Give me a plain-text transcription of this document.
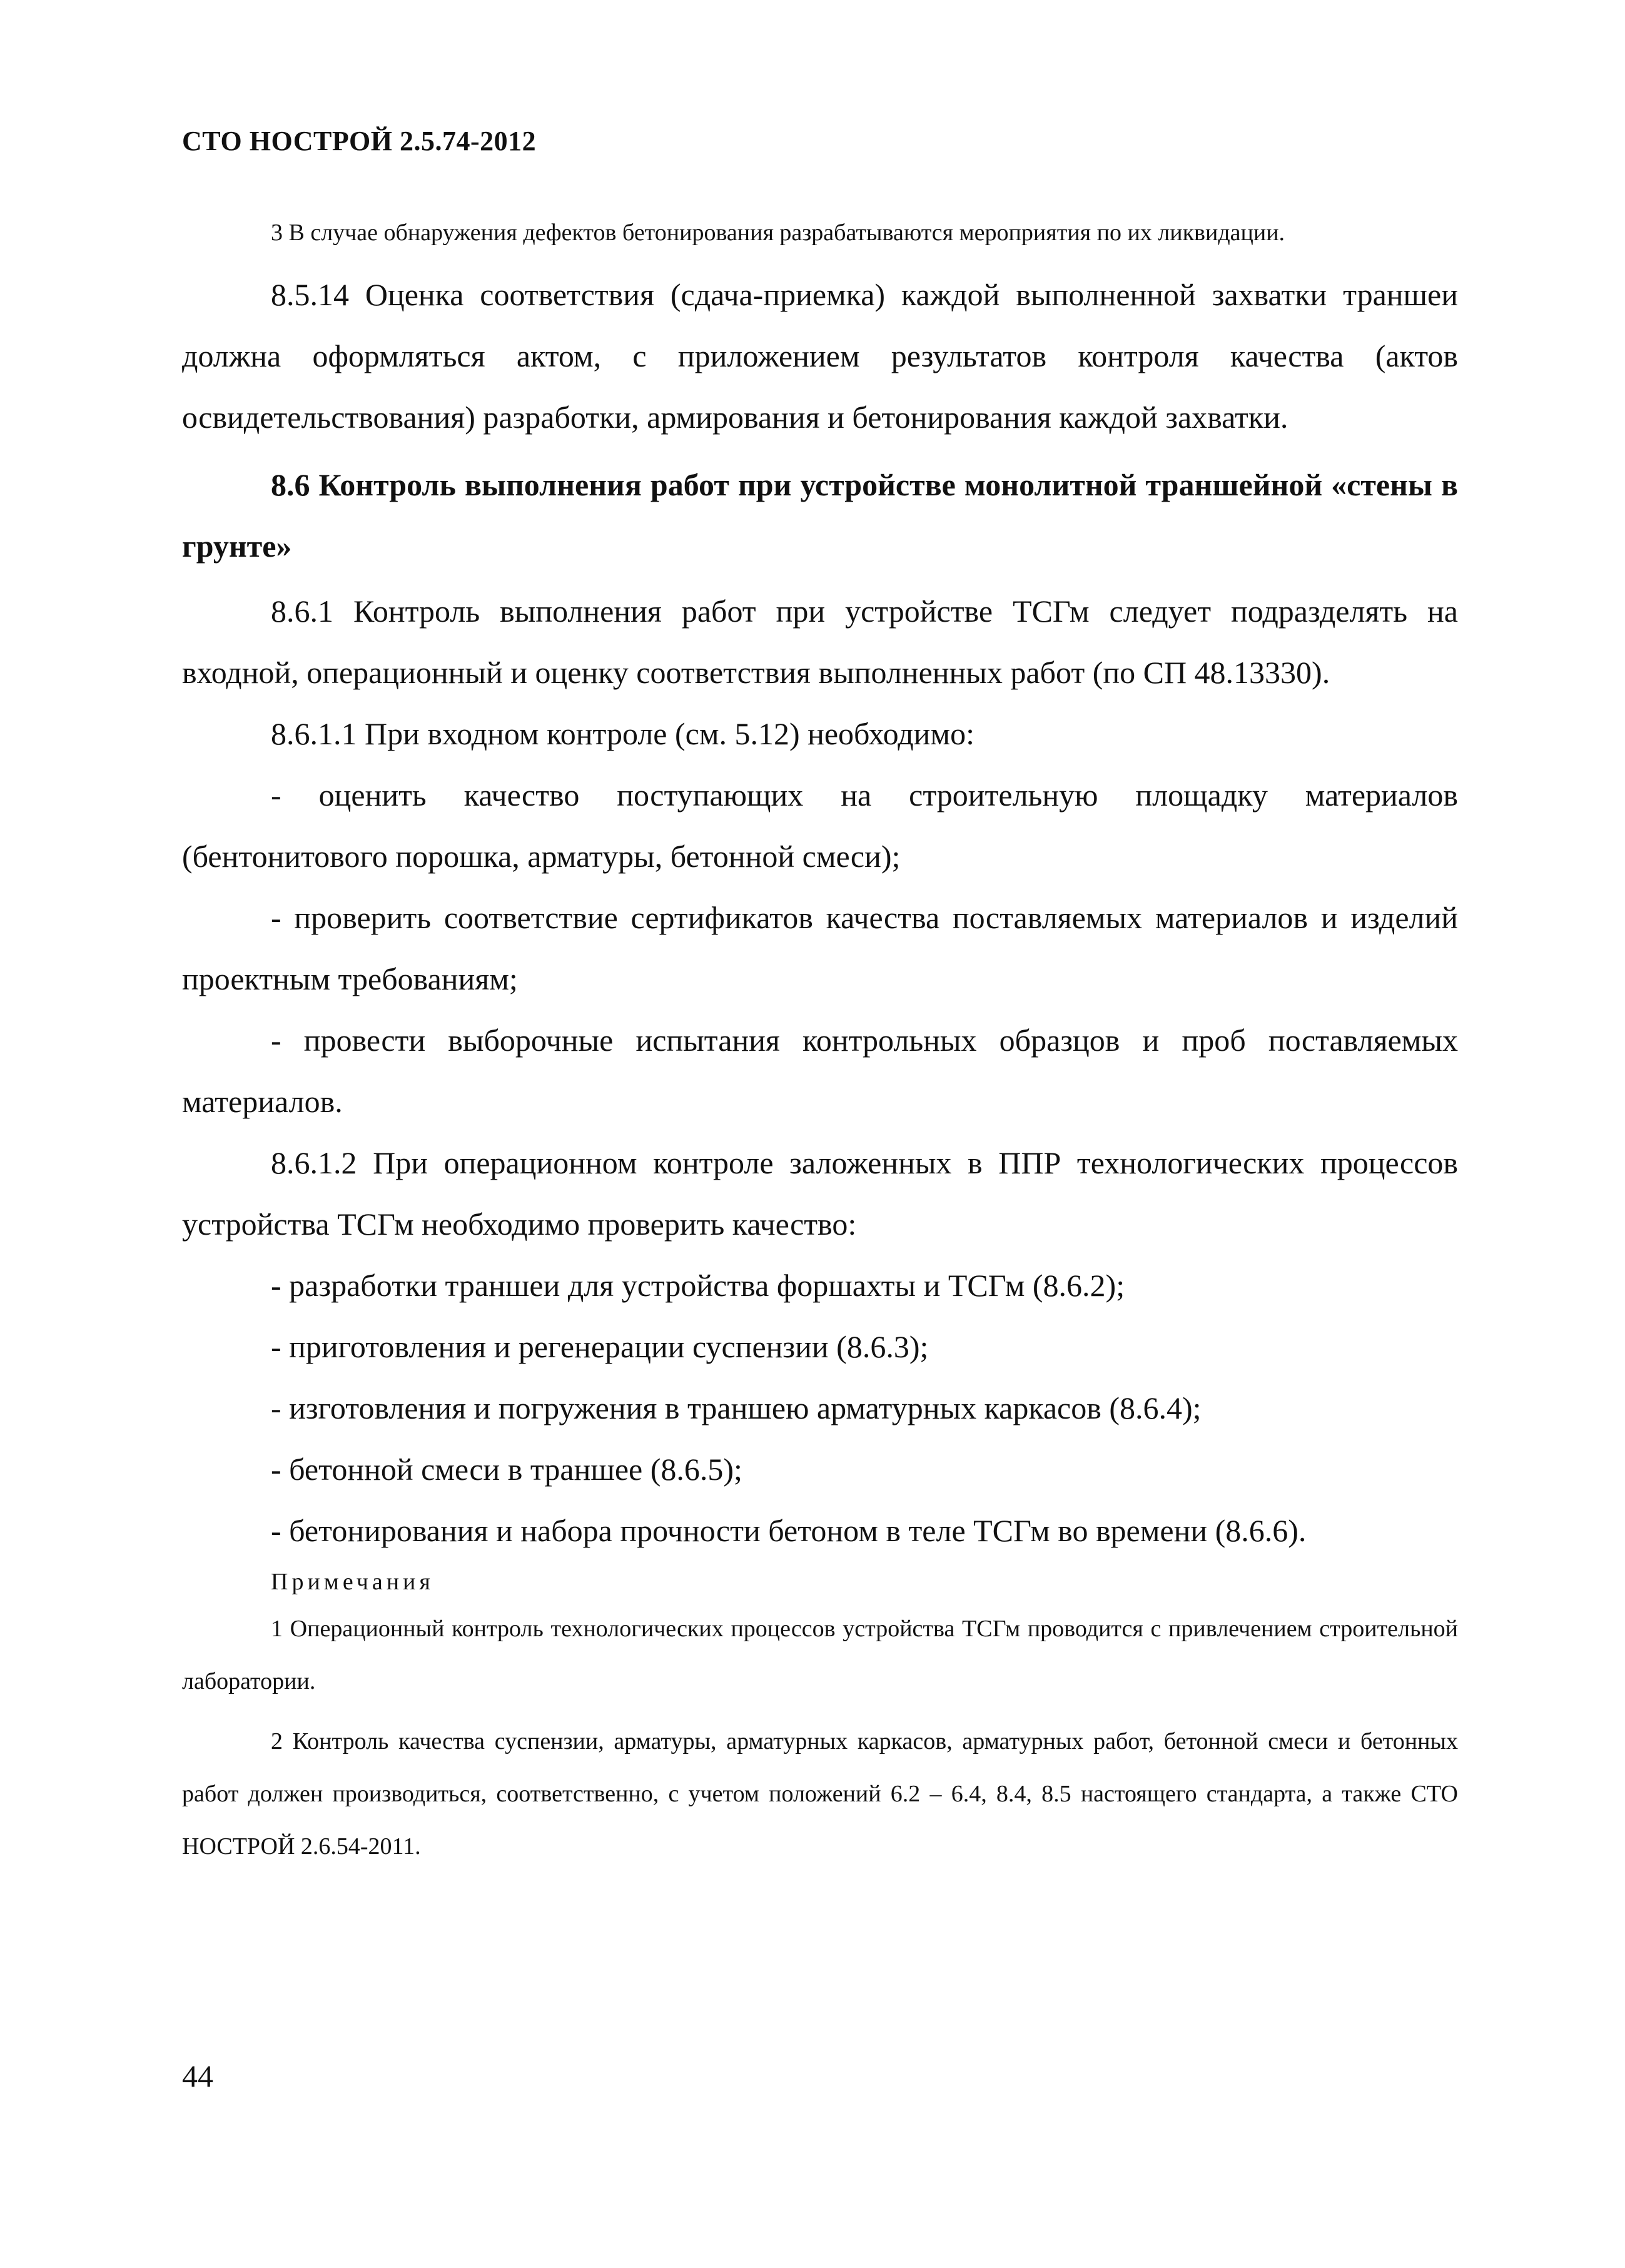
СТО НОСТРОЙ 2.5.74-2012

3 В случае обнаружения дефектов бетонирования разрабатываются мероприятия по их ликвидации.

8.5.14 Оценка соответствия (сдача-приемка) каждой выполненной захватки траншеи должна оформляться актом, с приложением результатов контроля качества (актов освидетельствования) разработки, армирования и бетонирования каждой захватки.

8.6 Контроль выполнения работ при устройстве монолитной траншейной «стены в грунте»

8.6.1 Контроль выполнения работ при устройстве ТСГм следует подразделять на входной, операционный и оценку соответствия выполненных работ (по СП 48.13330).

8.6.1.1 При входном контроле (см. 5.12) необходимо:

- оценить качество поступающих на строительную площадку материалов (бентонитового порошка, арматуры, бетонной смеси);

- проверить соответствие сертификатов качества поставляемых материалов и изделий проектным требованиям;

- провести выборочные испытания контрольных образцов и проб поставляемых материалов.

8.6.1.2 При операционном контроле заложенных в ППР технологических процессов устройства ТСГм необходимо проверить качество:

- разработки траншеи для устройства форшахты и ТСГм (8.6.2);

- приготовления и регенерации суспензии (8.6.3);

- изготовления и погружения в траншею арматурных каркасов (8.6.4);

- бетонной смеси в траншее (8.6.5);

- бетонирования и набора прочности бетоном в теле ТСГм во времени (8.6.6).

Примечания

1 Операционный контроль технологических процессов устройства ТСГм проводится с привлечением строительной лаборатории.

2 Контроль качества суспензии, арматуры, арматурных каркасов, арматурных работ, бетонной смеси и бетонных работ должен производиться, соответственно, с учетом положений 6.2 – 6.4, 8.4, 8.5 настоящего стандарта, а также СТО НОСТРОЙ 2.6.54-2011.

44
